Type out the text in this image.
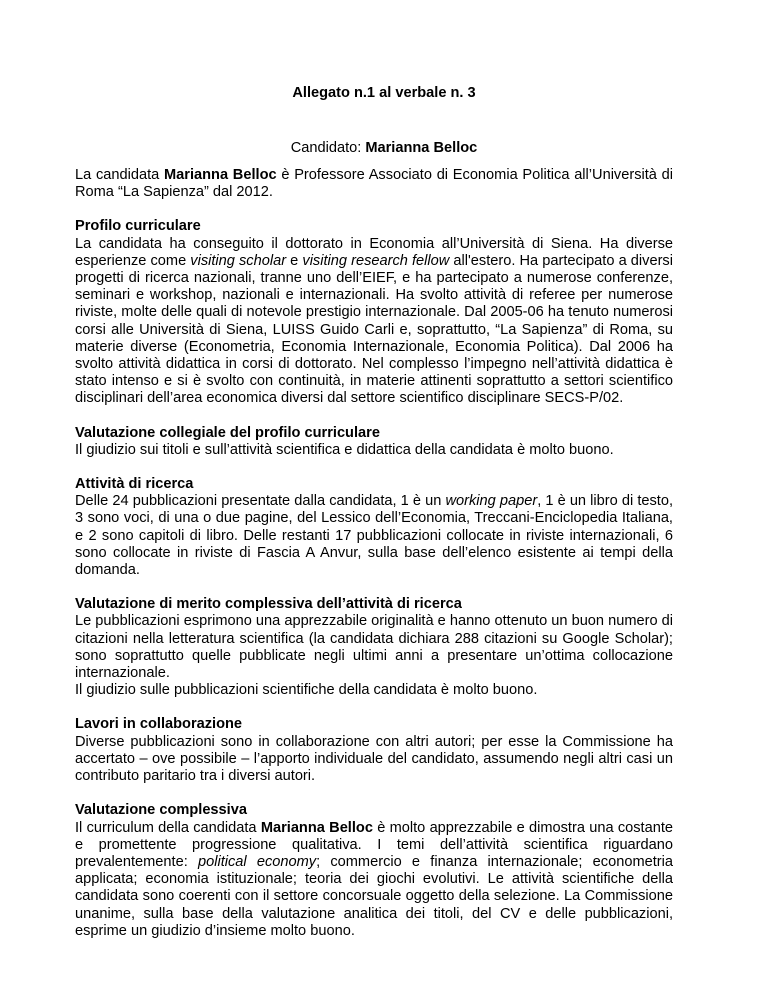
Allegato n.1 al verbale n. 3
Candidato: Marianna Belloc

La candidata Marianna Belloc è Professore Associato di Economia Politica all’Università di Roma “La Sapienza” dal 2012.

Profilo curriculare

La candidata ha conseguito il dottorato in Economia all’Università di Siena. Ha diverse esperienze come visiting scholar e visiting research fellow all'estero. Ha partecipato a diversi progetti di ricerca nazionali, tranne uno dell’EIEF, e ha partecipato a numerose conferenze, seminari e workshop, nazionali e internazionali. Ha svolto attività di referee per numerose riviste, molte delle quali di notevole prestigio internazionale. Dal 2005-06 ha tenuto numerosi corsi alle Università di Siena, LUISS Guido Carli e, soprattutto, “La Sapienza” di Roma, su materie diverse (Econometria, Economia Internazionale, Economia Politica). Dal 2006 ha svolto attività didattica in corsi di dottorato. Nel complesso l’impegno nell’attività didattica è stato intenso e si è svolto con continuità, in materie attinenti soprattutto a settori scientifico disciplinari dell’area economica diversi dal settore scientifico disciplinare SECS-P/02.

Valutazione collegiale del profilo curriculare

Il giudizio sui titoli e sull’attività scientifica e didattica della candidata è molto buono.

Attività di ricerca

Delle 24 pubblicazioni presentate dalla candidata, 1 è un working paper, 1 è un libro di testo, 3 sono voci, di una o due pagine, del Lessico dell’Economia, Treccani-Enciclopedia Italiana, e 2 sono capitoli di libro. Delle restanti 17 pubblicazioni collocate in riviste internazionali, 6 sono collocate in riviste di Fascia A Anvur, sulla base dell’elenco esistente ai tempi della domanda.

Valutazione di merito complessiva dell’attività di ricerca

Le pubblicazioni esprimono una apprezzabile originalità e hanno ottenuto un buon numero di citazioni nella letteratura scientifica (la candidata dichiara 288 citazioni su Google Scholar); sono soprattutto quelle pubblicate negli ultimi anni a presentare un’ottima collocazione internazionale.

Il giudizio sulle pubblicazioni scientifiche della candidata è molto buono.

Lavori in collaborazione

Diverse pubblicazioni sono in collaborazione con altri autori; per esse la Commissione ha accertato – ove possibile – l’apporto individuale del candidato, assumendo negli altri casi un contributo paritario tra i diversi autori.

Valutazione complessiva

Il curriculum della candidata Marianna Belloc è molto apprezzabile e dimostra una costante e promettente progressione qualitativa. I temi dell’attività scientifica riguardano prevalentemente: political economy; commercio e finanza internazionale; econometria applicata; economia istituzionale; teoria dei giochi evolutivi. Le attività scientifiche della candidata sono coerenti con il settore concorsuale oggetto della selezione. La Commissione unanime, sulla base della valutazione analitica dei titoli, del CV e delle pubblicazioni, esprime un giudizio d’insieme molto buono.
